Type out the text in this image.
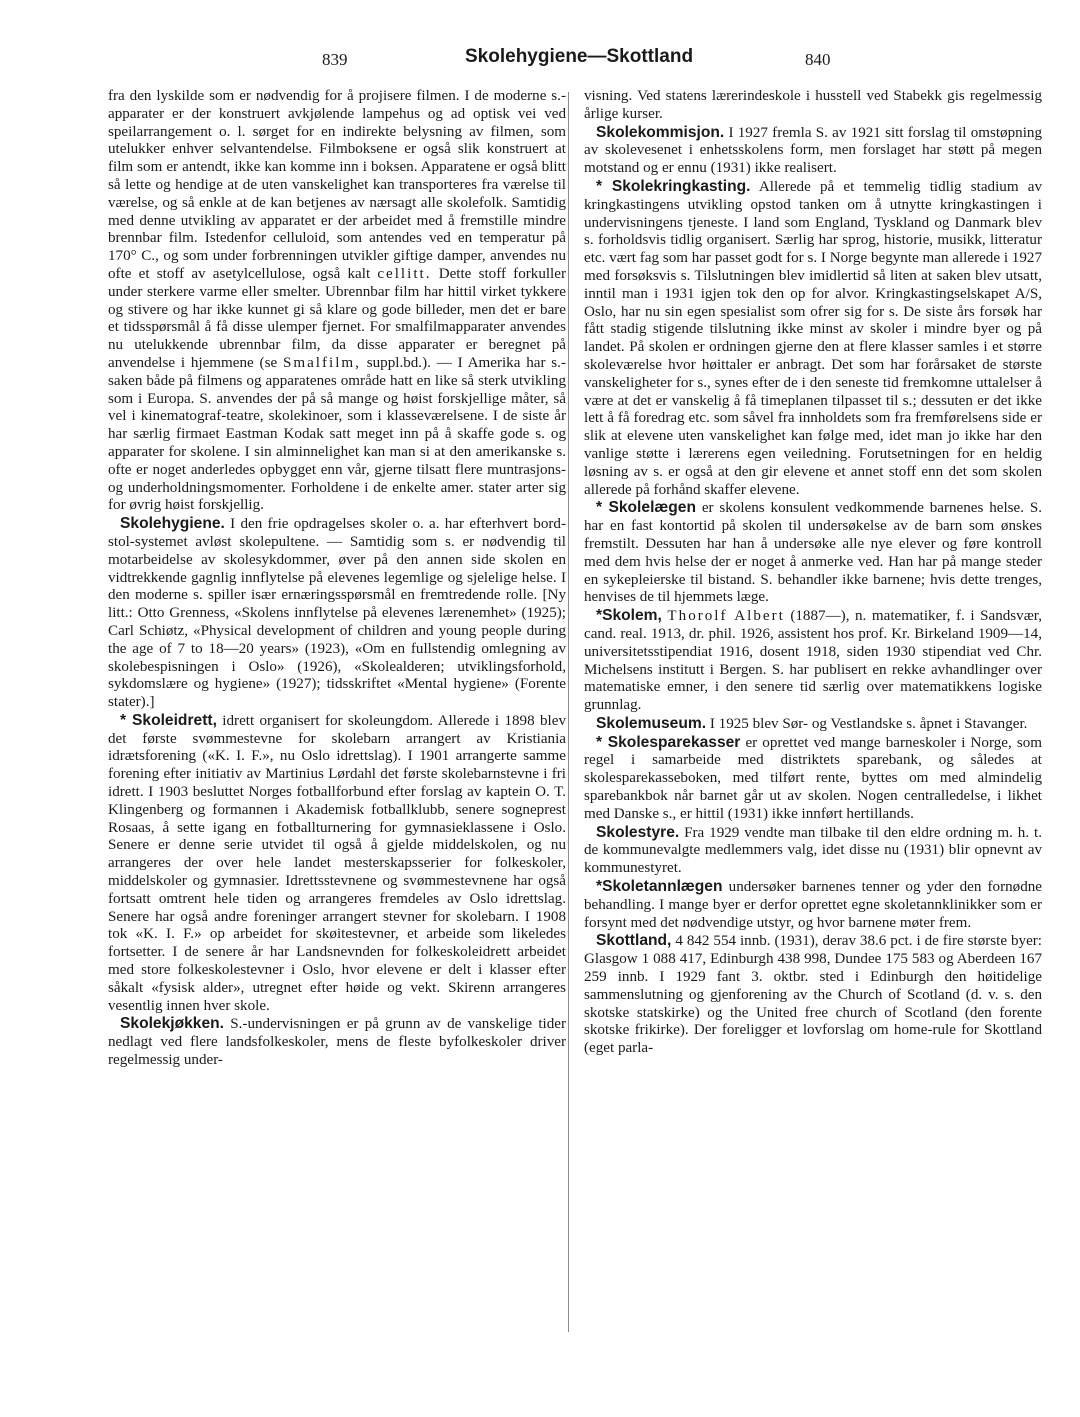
839	Skolehygiene—Skottland	840

fra den lyskilde som er nødvendig for å projisere filmen. I de moderne s.-apparater er der konstruert avkjølende lampehus og ad optisk vei ved speilarrangement o. l. sørget for en indirekte belysning av filmen, som utelukker enhver selvantendelse. Filmboksene er også slik konstruert at film som er antendt, ikke kan komme inn i boksen. Apparatene er også blitt så lette og hendige at de uten vanskelighet kan transporteres fra værelse til værelse, og så enkle at de kan betjenes av nærsagt alle skolefolk. Samtidig med denne utvikling av apparatet er der arbeidet med å fremstille mindre brennbar film. Istedenfor celluloid, som antendes ved en temperatur på 170° C., og som under forbrenningen utvikler giftige damper, anvendes nu ofte et stoff av asetylcellulose, også kalt cellitt. Dette stoff forkuller under sterkere varme eller smelter. Ubrennbar film har hittil virket tykkere og stivere og har ikke kunnet gi så klare og gode billeder, men det er bare et tidsspørsmål å få disse ulemper fjernet. For smalfilmapparater anvendes nu utelukkende ubrennbar film, da disse apparater er beregnet på anvendelse i hjemmene (se Smalfilm, suppl.bd.). — I Amerika har s.-saken både på filmens og apparatenes område hatt en like så sterk utvikling som i Europa. S. anvendes der på så mange og høist forskjellige måter, så vel i kinematograf-teatre, skolekinoer, som i klasseværelsene. I de siste år har særlig firmaet Eastman Kodak satt meget inn på å skaffe gode s. og apparater for skolene. I sin alminnelighet kan man si at den amerikanske s. ofte er noget anderledes opbygget enn vår, gjerne tilsatt flere muntrasjons- og underholdningsmomenter. Forholdene i de enkelte amer. stater arter sig for øvrig høist forskjellig.

Skolehygiene. I den frie opdragelses skoler o. a. har efterhvert bord-stol-systemet avløst skolepultene. — Samtidig som s. er nødvendig til motarbeidelse av skolesykdommer, øver på den annen side skolen en vidtrekkende gagnlig innflytelse på elevenes legemlige og sjelelige helse. I den moderne s. spiller især ernæringsspørsmål en fremtredende rolle. [Ny litt.: Otto Grenness, «Skolens innflytelse på elevenes lærenemhet» (1925); Carl Schiøtz, «Physical development of children and young people during the age of 7 to 18—20 years» (1923), «Om en fullstendig omlegning av skolebespisningen i Oslo» (1926), «Skolealderen; utviklingsforhold, sykdomslære og hygiene» (1927); tidsskriftet «Mental hygiene» (Forente stater).]

* Skoleidrett, idrett organisert for skoleungdom. Allerede i 1898 blev det første svømmestevne for skolebarn arrangert av Kristiania idrætsforening («K. I. F.», nu Oslo idrettslag). I 1901 arrangerte samme forening efter initiativ av Martinius Lørdahl det første skolebarnstevne i fri idrett. I 1903 besluttet Norges fotballforbund efter forslag av kaptein O. T. Klingenberg og formannen i Akademisk fotballklubb, senere sogneprest Rosaas, å sette igang en fotballturnering for gymnasieklassene i Oslo. Senere er denne serie utvidet til også å gjelde middelskolen, og nu arrangeres der over hele landet mesterskapsserier for folkeskoler, middelskoler og gymnasier. Idrettsstevnene og svømmestevnene har også fortsatt omtrent hele tiden og arrangeres fremdeles av Oslo idrettslag. Senere har også andre foreninger arrangert stevner for skolebarn. I 1908 tok «K. I. F.» op arbeidet for skøitestevner, et arbeide som likeledes fortsetter. I de senere år har Landsnevnden for folkeskoleidrett arbeidet med store folkeskolestevner i Oslo, hvor elevene er delt i klasser efter såkalt «fysisk alder», utregnet efter høide og vekt. Skirenn arrangeres vesentlig innen hver skole.

Skolekjøkken. S.-undervisningen er på grunn av de vanskelige tider nedlagt ved flere landsfolkeskoler, mens de fleste byfolkeskoler driver regelmessig under-

visning. Ved statens lærerindeskole i husstell ved Stabekk gis regelmessig årlige kurser.

Skolekommisjon. I 1927 fremla S. av 1921 sitt forslag til omstøpning av skolevesenet i enhetsskolens form, men forslaget har støtt på megen motstand og er ennu (1931) ikke realisert.

* Skolekringkasting. Allerede på et temmelig tidlig stadium av kringkastingens utvikling opstod tanken om å utnytte kringkastingen i undervisningens tjeneste. I land som England, Tyskland og Danmark blev s. forholdsvis tidlig organisert. Særlig har sprog, historie, musikk, litteratur etc. vært fag som har passet godt for s. I Norge begynte man allerede i 1927 med forsøksvis s. Tilslutningen blev imidlertid så liten at saken blev utsatt, inntil man i 1931 igjen tok den op for alvor. Kringkastingselskapet A/S, Oslo, har nu sin egen spesialist som ofrer sig for s. De siste års forsøk har fått stadig stigende tilslutning ikke minst av skoler i mindre byer og på landet. På skolen er ordningen gjerne den at flere klasser samles i et større skoleværelse hvor høittaler er anbragt. Det som har forårsaket de største vanskeligheter for s., synes efter de i den seneste tid fremkomne uttalelser å være at det er vanskelig å få timeplanen tilpasset til s.; dessuten er det ikke lett å få foredrag etc. som såvel fra innholdets som fra fremførelsens side er slik at elevene uten vanskelighet kan følge med, idet man jo ikke har den vanlige støtte i lærerens egen veiledning. Forutsetningen for en heldig løsning av s. er også at den gir elevene et annet stoff enn det som skolen allerede på forhånd skaffer elevene.

* Skolelægen er skolens konsulent vedkommende barnenes helse. S. har en fast kontortid på skolen til undersøkelse av de barn som ønskes fremstilt. Dessuten har han å undersøke alle nye elever og føre kontroll med dem hvis helse der er noget å anmerke ved. Han har på mange steder en sykepleierske til bistand. S. behandler ikke barnene; hvis dette trenges, henvises de til hjemmets læge.

*Skolem, Thorolf Albert (1887—), n. matematiker, f. i Sandsvær, cand. real. 1913, dr. phil. 1926, assistent hos prof. Kr. Birkeland 1909—14, universitetsstipendiat 1916, dosent 1918, siden 1930 stipendiat ved Chr. Michelsens institutt i Bergen. S. har publisert en rekke avhandlinger over matematiske emner, i den senere tid særlig over matematikkens logiske grunnlag.

Skolemuseum. I 1925 blev Sør- og Vestlandske s. åpnet i Stavanger.

* Skolesparekasser er oprettet ved mange barneskoler i Norge, som regel i samarbeide med distriktets sparebank, og således at skolesparekasseboken, med tilført rente, byttes om med almindelig sparebankbok når barnet går ut av skolen. Nogen centralledelse, i likhet med Danske s., er hittil (1931) ikke innført hertillands.

Skolestyre. Fra 1929 vendte man tilbake til den eldre ordning m. h. t. de kommunevalgte medlemmers valg, idet disse nu (1931) blir opnevnt av kommunestyret.

*Skoletannlægen undersøker barnenes tenner og yder den fornødne behandling. I mange byer er derfor oprettet egne skoletannklinikker som er forsynt med det nødvendige utstyr, og hvor barnene møter frem.

Skottland, 4 842 554 innb. (1931), derav 38.6 pct. i de fire største byer: Glasgow 1 088 417, Edinburgh 438 998, Dundee 175 583 og Aberdeen 167 259 innb. I 1929 fant 3. oktbr. sted i Edinburgh den høitidelige sammenslutning og gjenforening av the Church of Scotland (d. v. s. den skotske statskirke) og the United free church of Scotland (den forente skotske frikirke). Der foreligger et lovforslag om home-rule for Skottland (eget parla-
